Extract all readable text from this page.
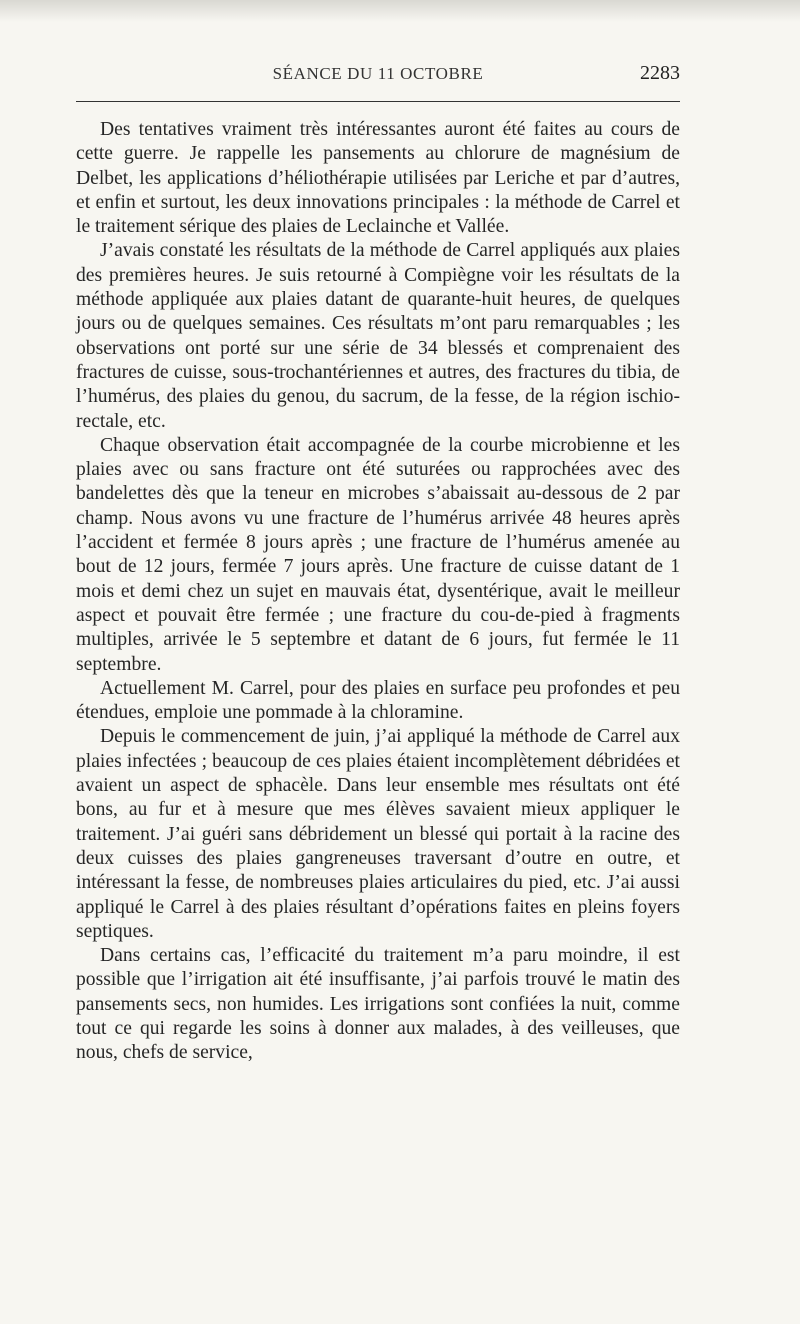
SÉANCE DU 11 OCTOBRE	2283

Des tentatives vraiment très intéressantes auront été faites au cours de cette guerre. Je rappelle les pansements au chlorure de magnésium de Delbet, les applications d’héliothérapie utilisées par Leriche et par d’autres, et enfin et surtout, les deux innovations principales : la méthode de Carrel et le traitement sérique des plaies de Leclainche et Vallée.

J’avais constaté les résultats de la méthode de Carrel appliqués aux plaies des premières heures. Je suis retourné à Compiègne voir les résultats de la méthode appliquée aux plaies datant de quarante-huit heures, de quelques jours ou de quelques semaines. Ces résultats m’ont paru remarquables ; les observations ont porté sur une série de 34 blessés et comprenaient des fractures de cuisse, sous-trochantériennes et autres, des fractures du tibia, de l’humérus, des plaies du genou, du sacrum, de la fesse, de la région ischio-rectale, etc.

Chaque observation était accompagnée de la courbe microbienne et les plaies avec ou sans fracture ont été suturées ou rapprochées avec des bandelettes dès que la teneur en microbes s’abaissait au-dessous de 2 par champ. Nous avons vu une fracture de l’humérus arrivée 48 heures après l’accident et fermée 8 jours après ; une fracture de l’humérus amenée au bout de 12 jours, fermée 7 jours après. Une fracture de cuisse datant de 1 mois et demi chez un sujet en mauvais état, dysentérique, avait le meilleur aspect et pouvait être fermée ; une fracture du cou-de-pied à fragments multiples, arrivée le 5 septembre et datant de 6 jours, fut fermée le 11 septembre.

Actuellement M. Carrel, pour des plaies en surface peu profondes et peu étendues, emploie une pommade à la chloramine.

Depuis le commencement de juin, j’ai appliqué la méthode de Carrel aux plaies infectées ; beaucoup de ces plaies étaient incomplètement débridées et avaient un aspect de sphacèle. Dans leur ensemble mes résultats ont été bons, au fur et à mesure que mes élèves savaient mieux appliquer le traitement. J’ai guéri sans débridement un blessé qui portait à la racine des deux cuisses des plaies gangreneuses traversant d’outre en outre, et intéressant la fesse, de nombreuses plaies articulaires du pied, etc. J’ai aussi appliqué le Carrel à des plaies résultant d’opérations faites en pleins foyers septiques.

Dans certains cas, l’efficacité du traitement m’a paru moindre, il est possible que l’irrigation ait été insuffisante, j’ai parfois trouvé le matin des pansements secs, non humides. Les irrigations sont confiées la nuit, comme tout ce qui regarde les soins à donner aux malades, à des veilleuses, que nous, chefs de service,
